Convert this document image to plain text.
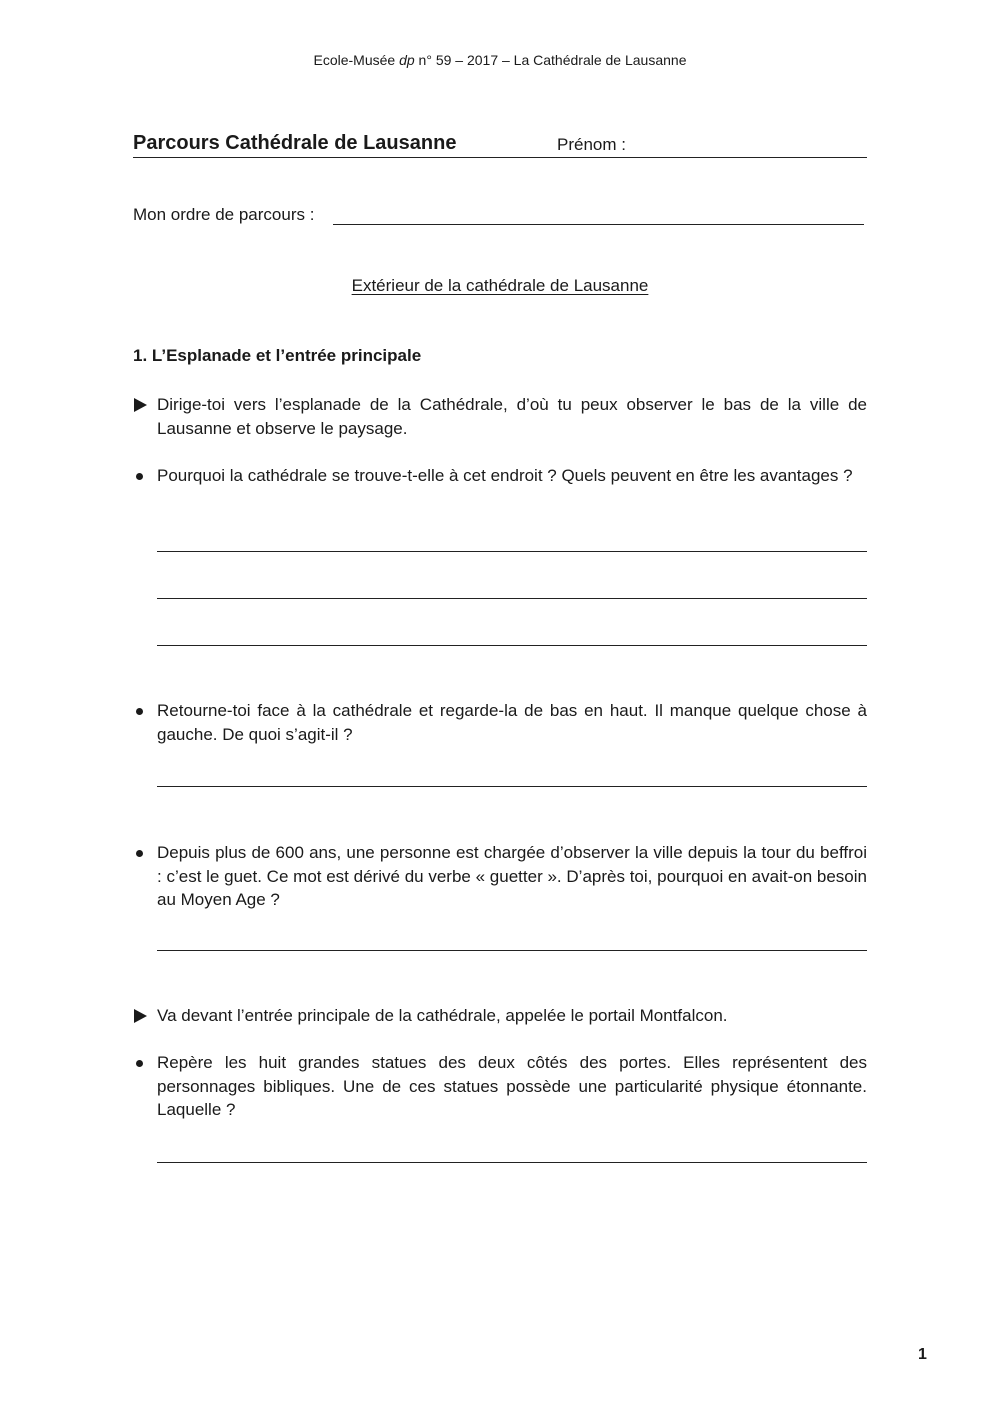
Ecole-Musée dp n° 59 – 2017 – La Cathédrale de Lausanne
Parcours Cathédrale de Lausanne	Prénom :
Mon ordre de parcours :
Extérieur de la cathédrale de Lausanne
1. L’Esplanade et l’entrée principale
Dirige-toi vers l’esplanade de la Cathédrale, d’où tu peux observer le bas de la ville de Lausanne et observe le paysage.
Pourquoi la cathédrale se trouve-t-elle à cet endroit ? Quels peuvent en être les avantages ?
Retourne-toi face à la cathédrale et regarde-la de bas en haut. Il manque quelque chose à gauche. De quoi s’agit-il ?
Depuis plus de 600 ans, une personne est chargée d’observer la ville depuis la tour du beffroi : c’est le guet. Ce mot est dérivé du verbe « guetter ». D’après toi, pourquoi en avait-on besoin au Moyen Age ?
Va devant l’entrée principale de la cathédrale, appelée le portail Montfalcon.
Repère les huit grandes statues des deux côtés des portes. Elles représentent des personnages bibliques. Une de ces statues possède une particularité physique étonnante. Laquelle ?
1
